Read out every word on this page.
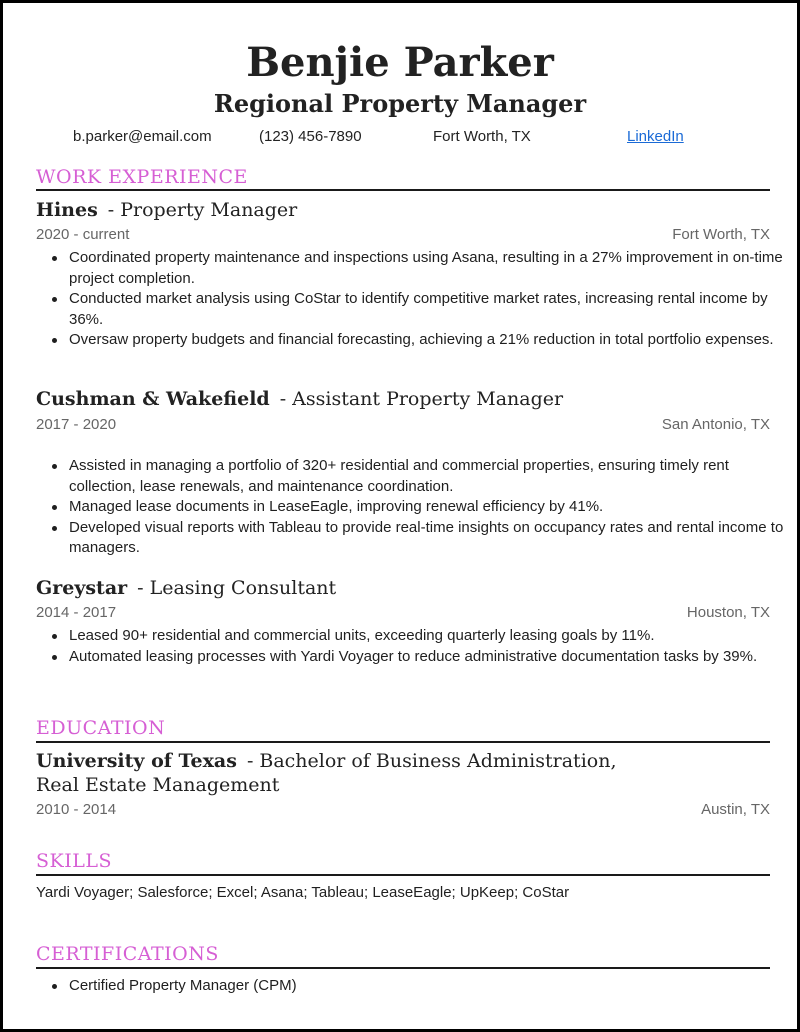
Benjie Parker
Regional Property Manager
b.parker@email.com	(123) 456-7890	Fort Worth, TX	LinkedIn
WORK EXPERIENCE
Hines - Property Manager
2020 - current	Fort Worth, TX
Coordinated property maintenance and inspections using Asana, resulting in a 27% improvement in on-time project completion.
Conducted market analysis using CoStar to identify competitive market rates, increasing rental income by 36%.
Oversaw property budgets and financial forecasting, achieving a 21% reduction in total portfolio expenses.
Cushman & Wakefield - Assistant Property Manager
2017 - 2020	San Antonio, TX
Assisted in managing a portfolio of 320+ residential and commercial properties, ensuring timely rent collection, lease renewals, and maintenance coordination.
Managed lease documents in LeaseEagle, improving renewal efficiency by 41%.
Developed visual reports with Tableau to provide real-time insights on occupancy rates and rental income to managers.
Greystar - Leasing Consultant
2014 - 2017	Houston, TX
Leased 90+ residential and commercial units, exceeding quarterly leasing goals by 11%.
Automated leasing processes with Yardi Voyager to reduce administrative documentation tasks by 39%.
EDUCATION
University of Texas - Bachelor of Business Administration,
Real Estate Management
2010 - 2014	Austin, TX
SKILLS
Yardi Voyager; Salesforce; Excel; Asana; Tableau; LeaseEagle; UpKeep; CoStar
CERTIFICATIONS
Certified Property Manager (CPM)
